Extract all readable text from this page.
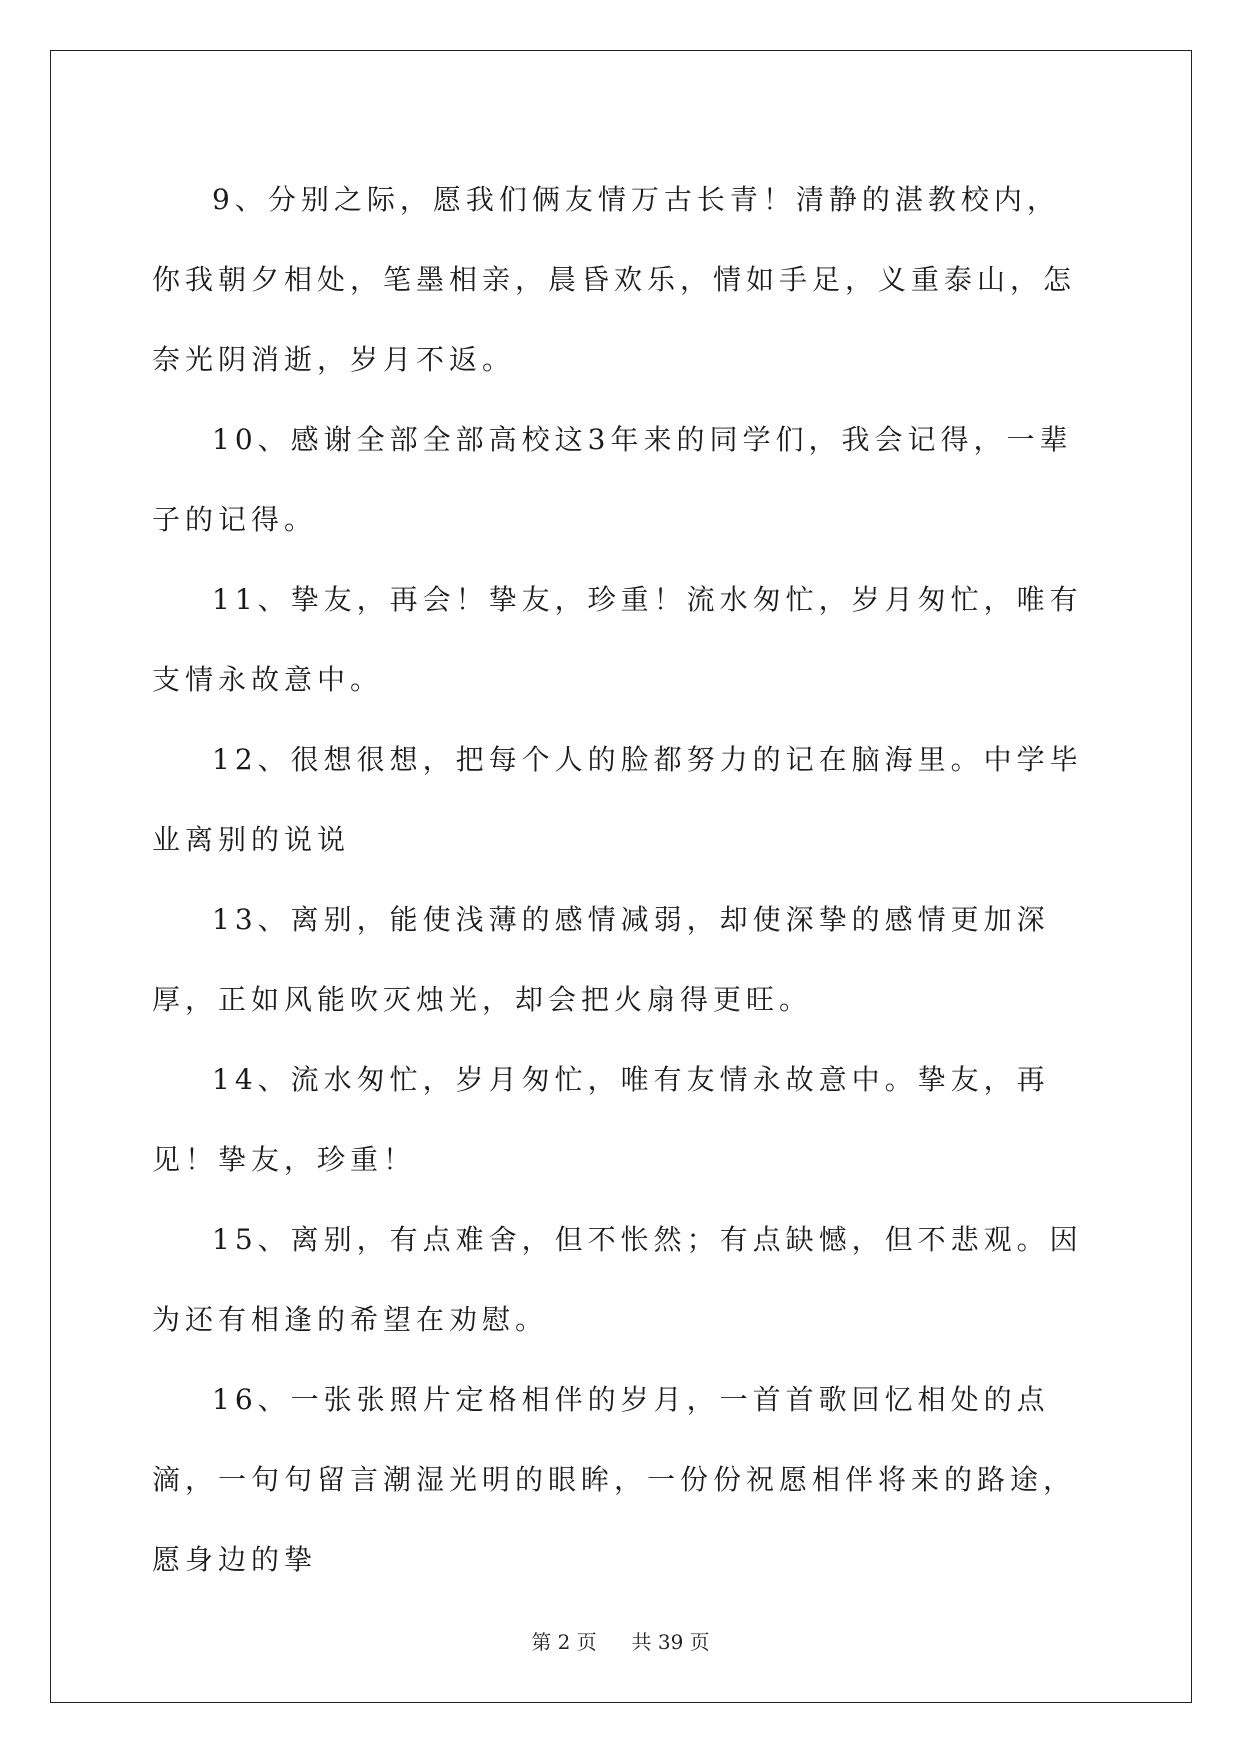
9、分别之际，愿我们俩友情万古长青！清静的湛教校内，你我朝夕相处，笔墨相亲，晨昏欢乐，情如手足，义重泰山，怎奈光阴消逝，岁月不返。

10、感谢全部全部高校这3年来的同学们，我会记得，一辈子的记得。

11、挚友，再会！挚友，珍重！流水匆忙，岁月匆忙，唯有支情永故意中。

12、很想很想，把每个人的脸都努力的记在脑海里。中学毕业离别的说说

13、离别，能使浅薄的感情减弱，却使深挚的感情更加深厚，正如风能吹灭烛光，却会把火扇得更旺。

14、流水匆忙，岁月匆忙，唯有友情永故意中。挚友，再见！挚友，珍重！

15、离别，有点难舍，但不怅然；有点缺憾，但不悲观。因为还有相逢的希望在劝慰。

16、一张张照片定格相伴的岁月，一首首歌回忆相处的点滴，一句句留言潮湿光明的眼眸，一份份祝愿相伴将来的路途，愿身边的挚

第 2 页 共 39 页
